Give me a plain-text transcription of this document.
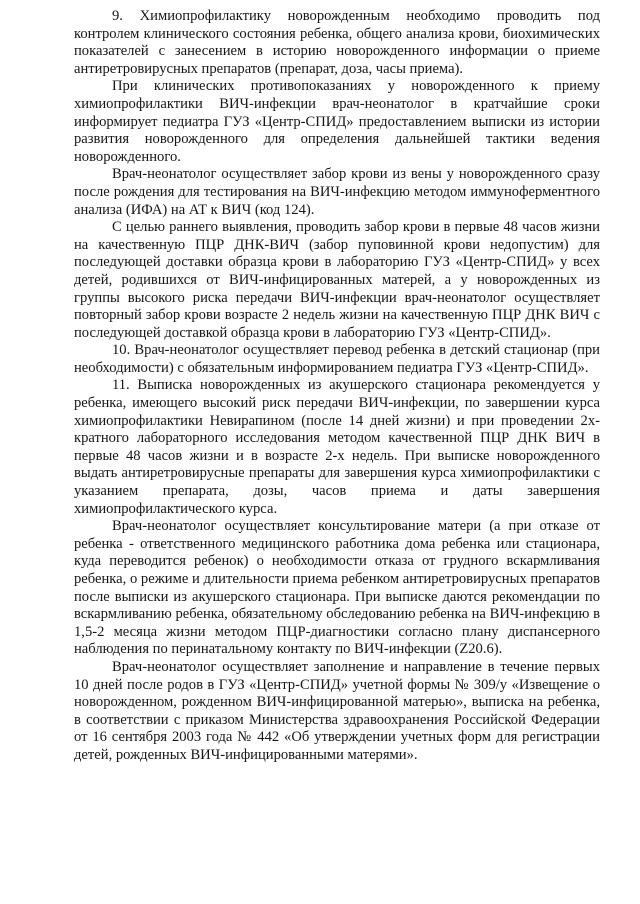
9. Химиопрофилактику новорожденным необходимо проводить под контролем клинического состояния ребенка, общего анализа крови, биохимических показателей с занесением в историю новорожденного информации о приеме антиретровирусных препаратов (препарат, доза, часы приема).

При клинических противопоказаниях у новорожденного к приему химиопрофилактики ВИЧ-инфекции врач-неонатолог в кратчайшие сроки информирует педиатра ГУЗ «Центр-СПИД» предоставлением выписки из истории развития новорожденного для определения дальнейшей тактики ведения новорожденного.

Врач-неонатолог осуществляет забор крови из вены у новорожденного сразу после рождения для тестирования на ВИЧ-инфекцию методом иммуноферментного анализа (ИФА) на АТ к ВИЧ (код 124).

С целью раннего выявления, проводить забор крови в первые 48 часов жизни на качественную ПЦР ДНК-ВИЧ (забор пуповинной крови недопустим) для последующей доставки образца крови в лабораторию ГУЗ «Центр-СПИД» у всех детей, родившихся от ВИЧ-инфицированных матерей, а у новорожденных из группы высокого риска передачи ВИЧ-инфекции врач-неонатолог осуществляет повторный забор крови возрасте 2 недель жизни на качественную ПЦР ДНК ВИЧ с последующей доставкой образца крови в лабораторию ГУЗ «Центр-СПИД».

10. Врач-неонатолог осуществляет перевод ребенка в детский стационар (при необходимости) с обязательным информированием педиатра ГУЗ «Центр-СПИД».

11. Выписка новорожденных из акушерского стационара рекомендуется у ребенка, имеющего высокий риск передачи ВИЧ-инфекции, по завершении курса химиопрофилактики Невирапином (после 14 дней жизни) и при проведении 2х-кратного лабораторного исследования методом качественной ПЦР ДНК ВИЧ в первые 48 часов жизни и в возрасте 2-х недель. При выписке новорожденного выдать антиретровирусные препараты для завершения курса химиопрофилактики с указанием препарата, дозы, часов приема и даты завершения химиопрофилактического курса.

Врач-неонатолог осуществляет консультирование матери (а при отказе от ребенка - ответственного медицинского работника дома ребенка или стационара, куда переводится ребенок) о необходимости отказа от грудного вскармливания ребенка, о режиме и длительности приема ребенком антиретровирусных препаратов после выписки из акушерского стационара. При выписке даются рекомендации по вскармливанию ребенка, обязательному обследованию ребенка на ВИЧ-инфекцию в 1,5-2 месяца жизни методом ПЦР-диагностики согласно плану диспансерного наблюдения по перинатальному контакту по ВИЧ-инфекции (Z20.6).

Врач-неонатолог осуществляет заполнение и направление в течение первых 10 дней после родов в ГУЗ «Центр-СПИД» учетной формы № 309/у «Извещение о новорожденном, рожденном ВИЧ-инфицированной матерью», выписка на ребенка, в соответствии с приказом Министерства здравоохранения Российской Федерации от 16 сентября 2003 года № 442 «Об утверждении учетных форм для регистрации детей, рожденных ВИЧ-инфицированными матерями».
